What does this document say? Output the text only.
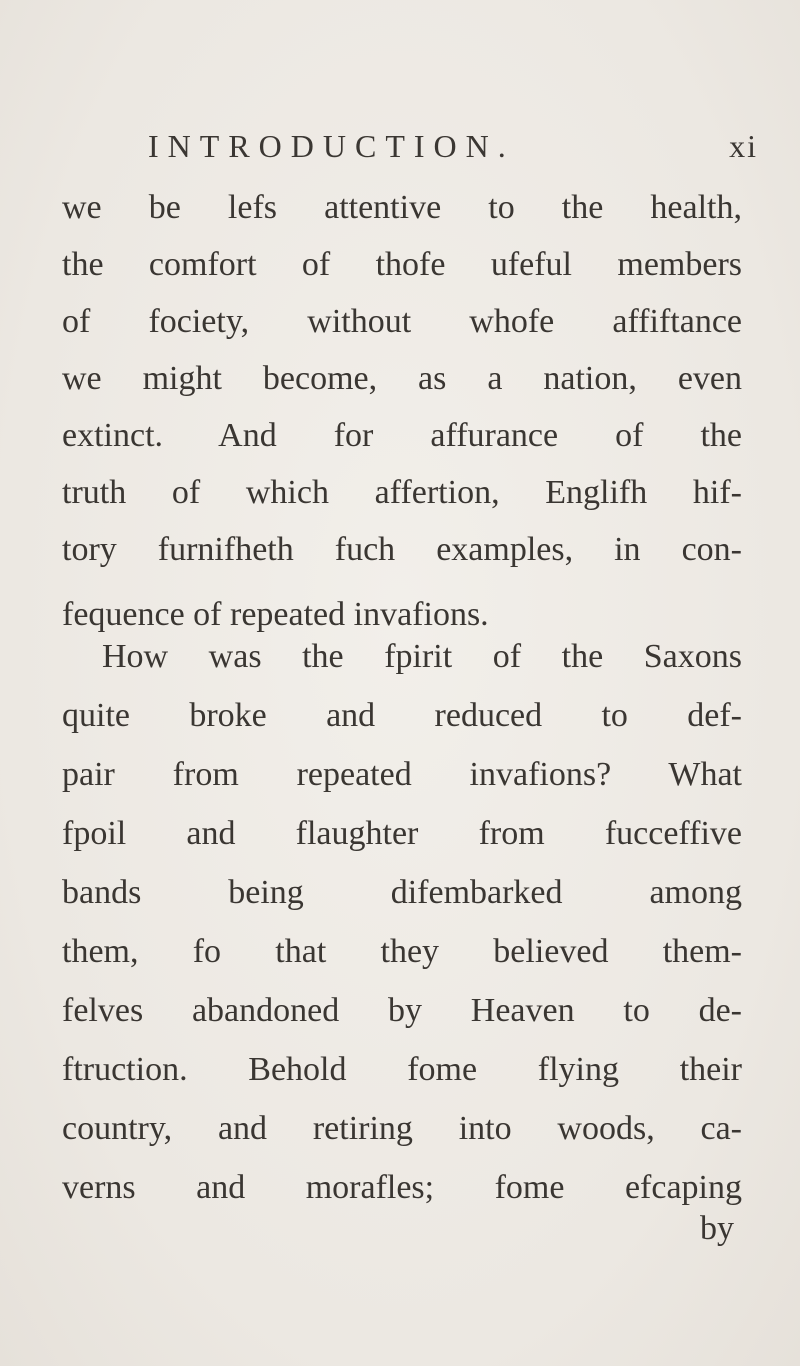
INTRODUCTION.	xi
we be lefs attentive to the health,
the comfort of thofe ufeful members
of fociety, without whofe affiftance
we might become, as a nation, even
extinct. And for affurance of the
truth of which affertion, Englifh hif-
tory furnifheth fuch examples, in con-
fequence of repeated invafions.
How was the fpirit of the Saxons
quite broke and reduced to def-
pair from repeated invafions? What
fpoil and flaughter from fucceffive
bands being difembarked among
them, fo that they believed them-
felves abandoned by Heaven to de-
ftruction. Behold fome flying their
country, and retiring into woods, ca-
verns and morafles; fome efcaping
by
